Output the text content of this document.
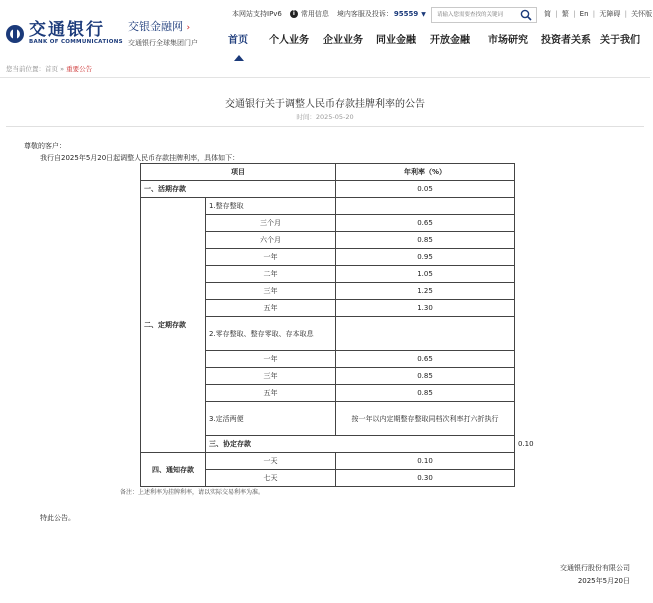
交通银行
BANK OF COMMUNICATIONS
交银金融网 ›
交通银行全球集团门户
本网站支持IPv6	i 常用信息 境内客服及投诉： 95559 ▼
请输入您需要查找的关键词	简 | 繁 | En | 无障碍 | 关怀版
首页 个人业务 企业业务 同业金融 开放金融 市场研究 投资者关系 关于我们
您当前位置：首页 » 重要公告
交通银行关于调整人民币存款挂牌利率的公告
时间：2025-05-20
尊敬的客户：
我行自2025年5月20日起调整人民币存款挂牌利率，具体如下：
项目		年利率（%）	
一、活期存款		0.05	
二、定期存款	1.整存整取		
	三个月	0.65	
	六个月	0.85	
	一年	0.95	
	二年	1.05	
	三年	1.25	
	五年	1.30	
	2.零存整取、整存零取、存本取息		
	一年	0.65	
	三年	0.85	
	五年	0.85	
	3.定活两便	按一年以内定期整存整取同档次利率打六折执行	
	三、协定存款		0.10
四、通知存款	一天	0.10	
	七天	0.30	
备注：上述利率为挂牌利率，请以实际交易利率为准。
特此公告。
交通银行股份有限公司
2025年5月20日
